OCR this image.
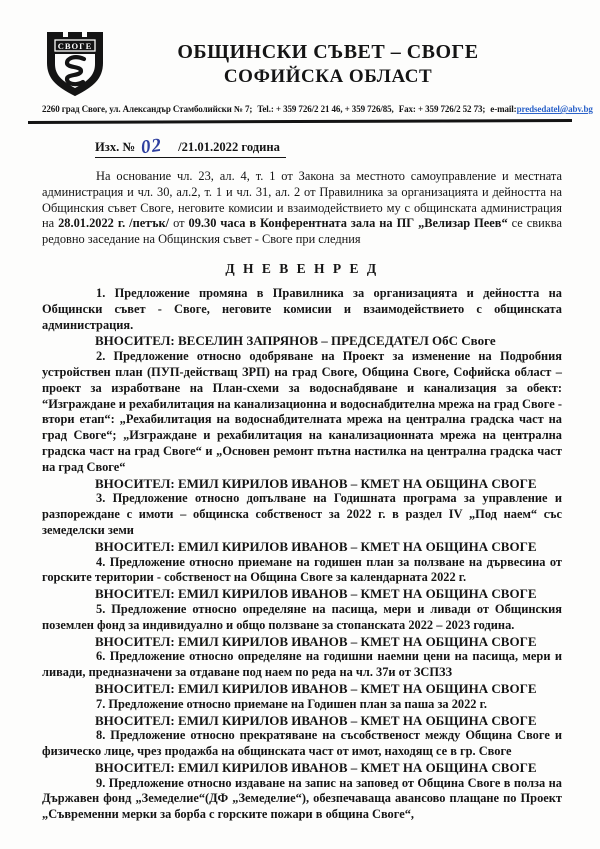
СВОГЕ	ОБЩИНСКИ СЪВЕТ – СВОГЕ
СОФИЙСКА ОБЛАСТ
2260 град Своге, ул. Александър Стамболийски № 7; Tel.: + 359 726/2 21 46, + 359 726/85, Fax: + 359 726/2 52 73; e-mail:predsedatel@abv.bg
Изх. № 02 /21.01.2022 година

На основание чл. 23, ал. 4, т. 1 от Закона за местното самоуправление и местната администрация и чл. 30, ал.2, т. 1 и чл. 31, ал. 2 от Правилника за организацията и дейността на Общинския съвет Своге, неговите комисии и взаимодействието му с общинската администрация на 28.01.2022 г. /петък/ от 09.30 часа в Конферентната зала на ПГ „Велизар Пеев“ се свиква редовно заседание на Общинския съвет - Своге при следния

Д Н Е В Е Н Р Е Д

1. Предложение промяна в Правилника за организацията и дейността на Общински съвет - Своге, неговите комисии и взаимодействието с общинската администрация.

ВНОСИТЕЛ: ВЕСЕЛИН ЗАПРЯНОВ – ПРЕДСЕДАТЕЛ ОбС Своге

2. Предложение относно одобряване на Проект за изменение на Подробния устройствен план (ПУП-действащ ЗРП) на град Своге, Община Своге, Софийска област – проект за изработване на План-схеми за водоснабдяване и канализация за обект: “Изграждане и рехабилитация на канализационна и водоснабдителна мрежа на град Своге - втори етап“: „Рехабилитация на водоснабдителната мрежа на централна градска част на град Своге“; „Изграждане и рехабилитация на канализационната мрежа на централна градска част на град Своге“ и „Основен ремонт пътна настилка на централна градска част на град Своге“

ВНОСИТЕЛ: ЕМИЛ КИРИЛОВ ИВАНОВ – КМЕТ НА ОБЩИНА СВОГЕ

3. Предложение относно допълване на Годишната програма за управление и разпореждане с имоти – общинска собственост за 2022 г. в раздел IV „Под наем“ със земеделски земи

ВНОСИТЕЛ: ЕМИЛ КИРИЛОВ ИВАНОВ – КМЕТ НА ОБЩИНА СВОГЕ

4. Предложение относно приемане на годишен план за ползване на дървесина от горските територии - собственост на Община Своге за календарната 2022 г.

ВНОСИТЕЛ: ЕМИЛ КИРИЛОВ ИВАНОВ – КМЕТ НА ОБЩИНА СВОГЕ

5. Предложение относно определяне на пасища, мери и ливади от Общинския поземлен фонд за индивидуално и общо ползване за стопанската 2022 – 2023 година.

ВНОСИТЕЛ: ЕМИЛ КИРИЛОВ ИВАНОВ – КМЕТ НА ОБЩИНА СВОГЕ

6. Предложение относно определяне на годишни наемни цени на пасища, мери и ливади, предназначени за отдаване под наем по реда на чл. 37и от ЗСПЗЗ

ВНОСИТЕЛ: ЕМИЛ КИРИЛОВ ИВАНОВ – КМЕТ НА ОБЩИНА СВОГЕ

7. Предложение относно приемане на Годишен план за паша за 2022 г.

ВНОСИТЕЛ: ЕМИЛ КИРИЛОВ ИВАНОВ – КМЕТ НА ОБЩИНА СВОГЕ

8. Предложение относно прекратяване на съсобственост между Община Своге и физическо лице, чрез продажба на общинската част от имот, находящ се в гр. Своге

ВНОСИТЕЛ: ЕМИЛ КИРИЛОВ ИВАНОВ – КМЕТ НА ОБЩИНА СВОГЕ

9. Предложение относно издаване на запис на заповед от Община Своге в полза на Държавен фонд „Земеделие“(ДФ „Земеделие“), обезпечаваща авансово плащане по Проект „Съвременни мерки за борба с горските пожари в община Своге“,
